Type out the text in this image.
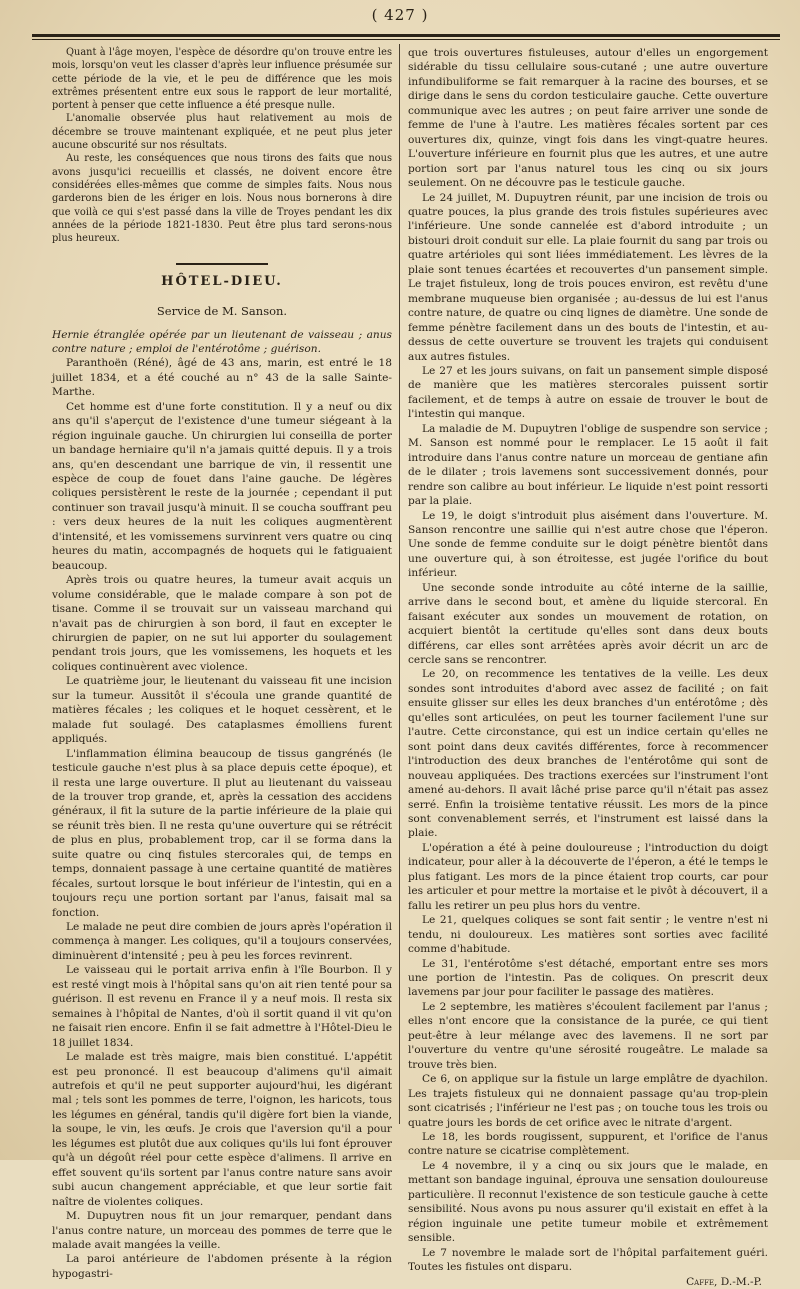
( 427 )

Quant à l'âge moyen, l'espèce de désordre qu'on trouve entre les mois, lorsqu'on veut les classer d'après leur influence présumée sur cette période de la vie, et le peu de différence que les mois extrêmes présentent entre eux sous le rapport de leur mortalité, portent à penser que cette influence a été presque nulle.

L'anomalie observée plus haut relativement au mois de décembre se trouve maintenant expliquée, et ne peut plus jeter aucune obscurité sur nos résultats.

Au reste, les conséquences que nous tirons des faits que nous avons jusqu'ici recueillis et classés, ne doivent encore être considérées elles-mêmes que comme de simples faits. Nous nous garderons bien de les ériger en lois. Nous nous bornerons à dire que voilà ce qui s'est passé dans la ville de Troyes pendant les dix années de la période 1821-1830. Peut être plus tard serons-nous plus heureux.

HÔTEL-DIEU.
Service de M. Sanson.

Hernie étranglée opérée par un lieutenant de vaisseau ; anus contre nature ; emploi de l'entérotôme ; guérison.

Paranthoën (Réné), âgé de 43 ans, marin, est entré le 18 juillet 1834, et a été couché au n° 43 de la salle Sainte-Marthe.

Cet homme est d'une forte constitution. Il y a neuf ou dix ans qu'il s'aperçut de l'existence d'une tumeur siégeant à la région inguinale gauche. Un chirurgien lui conseilla de porter un bandage herniaire qu'il n'a jamais quitté depuis. Il y a trois ans, qu'en descendant une barrique de vin, il ressentit une espèce de coup de fouet dans l'aine gauche. De légères coliques persistèrent le reste de la journée ; cependant il put continuer son travail jusqu'à minuit. Il se coucha souffrant peu : vers deux heures de la nuit les coliques augmentèrent d'intensité, et les vomissemens survinrent vers quatre ou cinq heures du matin, accompagnés de hoquets qui le fatiguaient beaucoup.

Après trois ou quatre heures, la tumeur avait acquis un volume considérable, que le malade compare à son pot de tisane. Comme il se trouvait sur un vaisseau marchand qui n'avait pas de chirurgien à son bord, il faut en excepter le chirurgien de papier, on ne sut lui apporter du soulagement pendant trois jours, que les vomissemens, les hoquets et les coliques continuèrent avec violence.

Le quatrième jour, le lieutenant du vaisseau fit une incision sur la tumeur. Aussitôt il s'écoula une grande quantité de matières fécales ; les coliques et le hoquet cessèrent, et le malade fut soulagé. Des cataplasmes émolliens furent appliqués.

L'inflammation élimina beaucoup de tissus gangrénés (le testicule gauche n'est plus à sa place depuis cette époque), et il resta une large ouverture. Il plut au lieutenant du vaisseau de la trouver trop grande, et, après la cessation des accidens généraux, il fit la suture de la partie inférieure de la plaie qui se réunit très bien. Il ne resta qu'une ouverture qui se rétrécit de plus en plus, probablement trop, car il se forma dans la suite quatre ou cinq fistules stercorales qui, de temps en temps, donnaient passage à une certaine quantité de matières fécales, surtout lorsque le bout inférieur de l'intestin, qui en a toujours reçu une portion sortant par l'anus, faisait mal sa fonction.

Le malade ne peut dire combien de jours après l'opération il commença à manger. Les coliques, qu'il a toujours conservées, diminuèrent d'intensité ; peu à peu les forces revinrent.

Le vaisseau qui le portait arriva enfin à l'île Bourbon. Il y est resté vingt mois à l'hôpital sans qu'on ait rien tenté pour sa guérison. Il est revenu en France il y a neuf mois. Il resta six semaines à l'hôpital de Nantes, d'où il sortit quand il vit qu'on ne faisait rien encore. Enfin il se fait admettre à l'Hôtel-Dieu le 18 juillet 1834.

Le malade est très maigre, mais bien constitué. L'appétit est peu prononcé. Il est beaucoup d'alimens qu'il aimait autrefois et qu'il ne peut supporter aujourd'hui, les digérant mal ; tels sont les pommes de terre, l'oignon, les haricots, tous les légumes en général, tandis qu'il digère fort bien la viande, la soupe, le vin, les œufs. Je crois que l'aversion qu'il a pour les légumes est plutôt due aux coliques qu'ils lui font éprouver qu'à un dégoût réel pour cette espèce d'alimens. Il arrive en effet souvent qu'ils sortent par l'anus contre nature sans avoir subi aucun changement appréciable, et que leur sortie fait naître de violentes coliques.

M. Dupuytren nous fit un jour remarquer, pendant dans l'anus contre nature, un morceau des pommes de terre que le malade avait mangées la veille.

La paroi antérieure de l'abdomen présente à la région hypogastri-

que trois ouvertures fistuleuses, autour d'elles un engorgement sidérable du tissu cellulaire sous-cutané ; une autre ouverture infundibuliforme se fait remarquer à la racine des bourses, et se dirige dans le sens du cordon testiculaire gauche. Cette ouverture communique avec les autres ; on peut faire arriver une sonde de femme de l'une à l'autre. Les matières fécales sortent par ces ouvertures dix, quinze, vingt fois dans les vingt-quatre heures. L'ouverture inférieure en fournit plus que les autres, et une autre portion sort par l'anus naturel tous les cinq ou six jours seulement. On ne découvre pas le testicule gauche.

Le 24 juillet, M. Dupuytren réunit, par une incision de trois ou quatre pouces, la plus grande des trois fistules supérieures avec l'inférieure. Une sonde cannelée est d'abord introduite ; un bistouri droit conduit sur elle. La plaie fournit du sang par trois ou quatre artérioles qui sont liées immédiatement. Les lèvres de la plaie sont tenues écartées et recouvertes d'un pansement simple. Le trajet fistuleux, long de trois pouces environ, est revêtu d'une membrane muqueuse bien organisée ; au-dessus de lui est l'anus contre nature, de quatre ou cinq lignes de diamètre. Une sonde de femme pénètre facilement dans un des bouts de l'intestin, et au-dessus de cette ouverture se trouvent les trajets qui conduisent aux autres fistules.

Le 27 et les jours suivans, on fait un pansement simple disposé de manière que les matières stercorales puissent sortir facilement, et de temps à autre on essaie de trouver le bout de l'intestin qui manque.

La maladie de M. Dupuytren l'oblige de suspendre son service ; M. Sanson est nommé pour le remplacer. Le 15 août il fait introduire dans l'anus contre nature un morceau de gentiane afin de le dilater ; trois lavemens sont successivement donnés, pour rendre son calibre au bout inférieur. Le liquide n'est point ressorti par la plaie.

Le 19, le doigt s'introduit plus aisément dans l'ouverture. M. Sanson rencontre une saillie qui n'est autre chose que l'éperon. Une sonde de femme conduite sur le doigt pénètre bientôt dans une ouverture qui, à son étroitesse, est jugée l'orifice du bout inférieur.

Une seconde sonde introduite au côté interne de la saillie, arrive dans le second bout, et amène du liquide stercoral. En faisant exécuter aux sondes un mouvement de rotation, on acquiert bientôt la certitude qu'elles sont dans deux bouts différens, car elles sont arrêtées après avoir décrit un arc de cercle sans se rencontrer.

Le 20, on recommence les tentatives de la veille. Les deux sondes sont introduites d'abord avec assez de facilité ; on fait ensuite glisser sur elles les deux branches d'un entérotôme ; dès qu'elles sont articulées, on peut les tourner facilement l'une sur l'autre. Cette circonstance, qui est un indice certain qu'elles ne sont point dans deux cavités différentes, force à recommencer l'introduction des deux branches de l'entérotôme qui sont de nouveau appliquées. Des tractions exercées sur l'instrument l'ont amené au-dehors. Il avait lâché prise parce qu'il n'était pas assez serré. Enfin la troisième tentative réussit. Les mors de la pince sont convenablement serrés, et l'instrument est laissé dans la plaie.

L'opération a été à peine douloureuse ; l'introduction du doigt indicateur, pour aller à la découverte de l'éperon, a été le temps le plus fatigant. Les mors de la pince étaient trop courts, car pour les articuler et pour mettre la mortaise et le pivôt à découvert, il a fallu les retirer un peu plus hors du ventre.

Le 21, quelques coliques se sont fait sentir ; le ventre n'est ni tendu, ni douloureux. Les matières sont sorties avec facilité comme d'habitude.

Le 31, l'entérotôme s'est détaché, emportant entre ses mors une portion de l'intestin. Pas de coliques. On prescrit deux lavemens par jour pour faciliter le passage des matières.

Le 2 septembre, les matières s'écoulent facilement par l'anus ; elles n'ont encore que la consistance de la purée, ce qui tient peut-être à leur mélange avec des lavemens. Il ne sort par l'ouverture du ventre qu'une sérosité rougeâtre. Le malade sa trouve très bien.

Ce 6, on applique sur la fistule un large emplâtre de dyachilon. Les trajets fistuleux qui ne donnaient passage qu'au trop-plein sont cicatrisés ; l'inférieur ne l'est pas ; on touche tous les trois ou quatre jours les bords de cet orifice avec le nitrate d'argent.

Le 18, les bords rougissent, suppurent, et l'orifice de l'anus contre nature se cicatrise complètement.

Le 4 novembre, il y a cinq ou six jours que le malade, en mettant son bandage inguinal, éprouva une sensation douloureuse particulière. Il reconnut l'existence de son testicule gauche à cette sensibilité. Nous avons pu nous assurer qu'il existait en effet à la région inguinale une petite tumeur mobile et extrêmement sensible.

Le 7 novembre le malade sort de l'hôpital parfaitement guéri. Toutes les fistules ont disparu.

Caffe, D.-M.-P.
